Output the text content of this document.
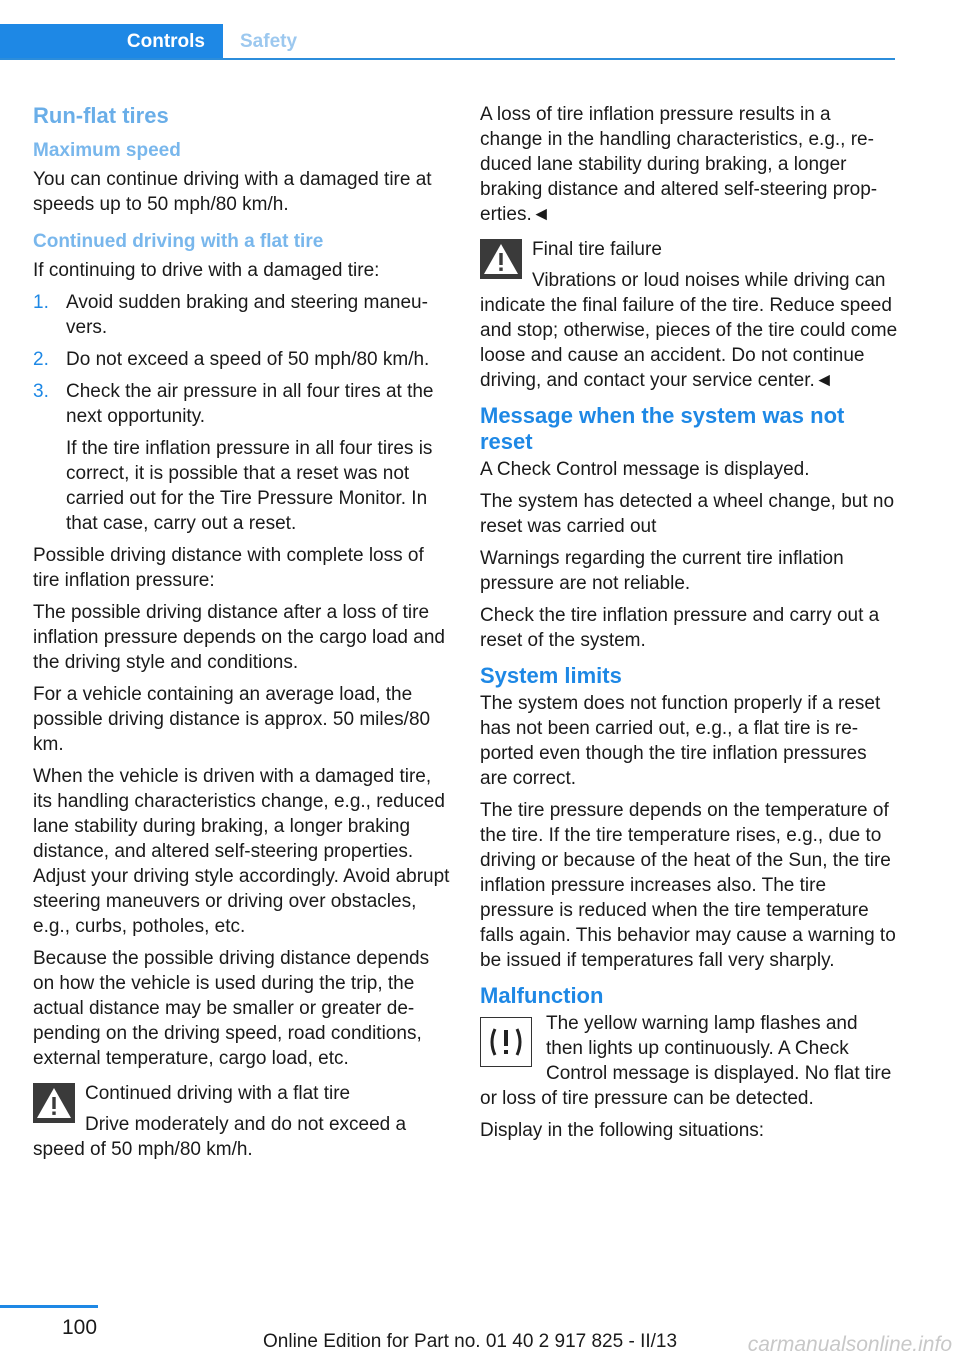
Controls	Safety
Run-flat tires
Maximum speed

You can continue driving with a damaged tire at speeds up to 50 mph/80 km/h.

Continued driving with a flat tire

If continuing to drive with a damaged tire:

1. Avoid sudden braking and steering maneuvers.
2. Do not exceed a speed of 50 mph/80 km/h.
3. Check the air pressure in all four tires at the next opportunity.
If the tire inflation pressure in all four tires is correct, it is possible that a reset was not carried out for the Tire Pressure Monitor. In that case, carry out a reset.

Possible driving distance with complete loss of tire inflation pressure:

The possible driving distance after a loss of tire inflation pressure depends on the cargo load and the driving style and conditions.

For a vehicle containing an average load, the possible driving distance is approx. 50 miles/80 km.

When the vehicle is driven with a damaged tire, its handling characteristics change, e.g., reduced lane stability during braking, a longer braking distance, and altered self-steering properties. Adjust your driving style accordingly. Avoid abrupt steering maneuvers or driving over obstacles, e.g., curbs, potholes, etc.

Because the possible driving distance depends on how the vehicle is used during the trip, the actual distance may be smaller or greater depending on the driving speed, road conditions, external temperature, cargo load, etc.

Continued driving with a flat tire

Drive moderately and do not exceed a speed of 50 mph/80 km/h.

A loss of tire inflation pressure results in a change in the handling characteristics, e.g., reduced lane stability during braking, a longer braking distance and altered self-steering properties.◄

Final tire failure

Vibrations or loud noises while driving can indicate the final failure of the tire. Reduce speed and stop; otherwise, pieces of the tire could come loose and cause an accident. Do not continue driving, and contact your service center.◄

Message when the system was not reset

A Check Control message is displayed.

The system has detected a wheel change, but no reset was carried out

Warnings regarding the current tire inflation pressure are not reliable.

Check the tire inflation pressure and carry out a reset of the system.

System limits

The system does not function properly if a reset has not been carried out, e.g., a flat tire is reported even though the tire inflation pressures are correct.

The tire pressure depends on the temperature of the tire. If the tire temperature rises, e.g., due to driving or because of the heat of the Sun, the tire inflation pressure increases also. The tire pressure is reduced when the tire temperature falls again. This behavior may cause a warning to be issued if temperatures fall very sharply.

Malfunction

The yellow warning lamp flashes and then lights up continuously. A Check Control message is displayed. No flat tire or loss of tire pressure can be detected.

Display in the following situations:

100
Online Edition for Part no. 01 40 2 917 825 - II/13	carmanualsonline.info
